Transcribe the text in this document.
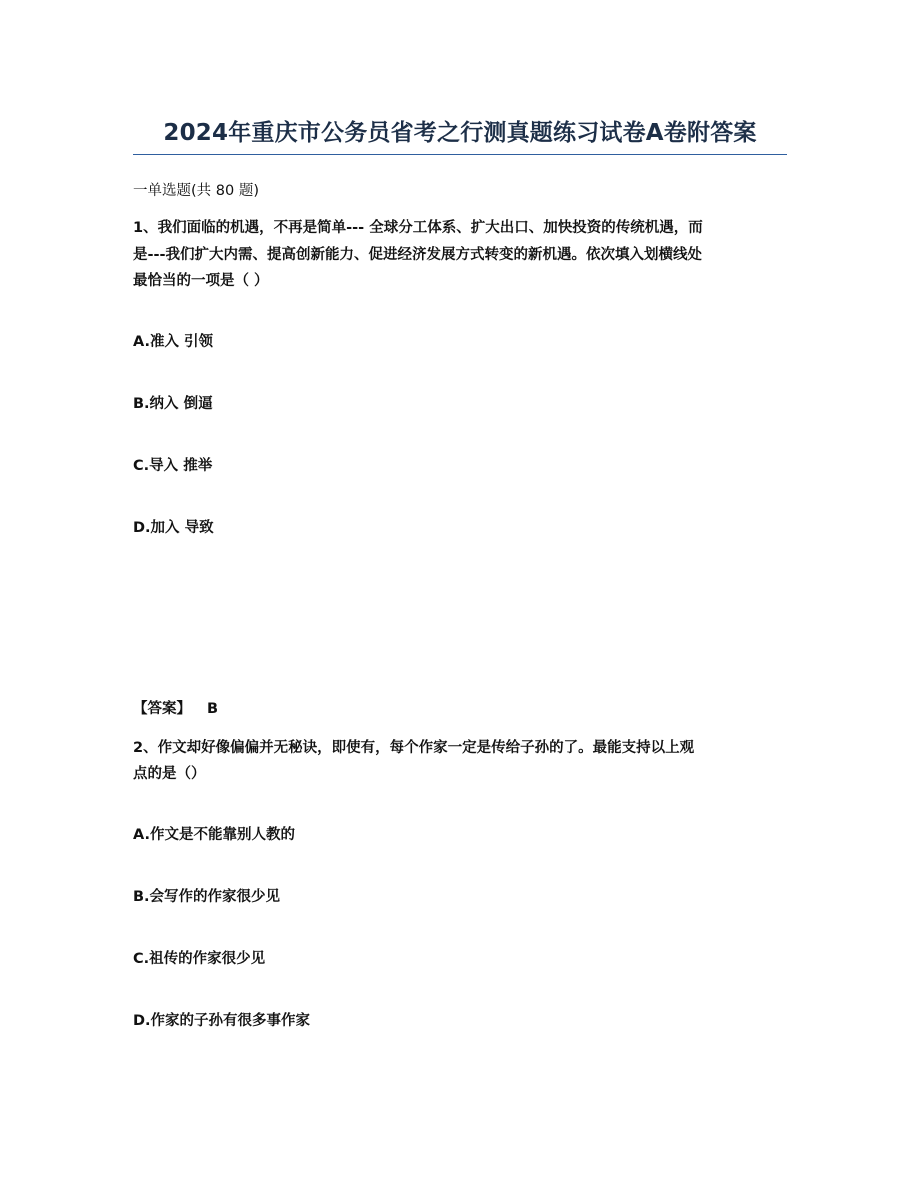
2024年重庆市公务员省考之行测真题练习试卷A卷附答案
一单选题(共 80 题)
1、我们面临的机遇，不再是简单--- 全球分工体系、扩大出口、加快投资的传统机遇，而
是---我们扩大内需、提高创新能力、促进经济发展方式转变的新机遇。依次填入划横线处
最恰当的一项是（ ）
A.准入 引领
B.纳入 倒逼
C.导入 推举
D.加入 导致
【答案】 B
2、作文却好像偏偏并无秘诀，即使有，每个作家一定是传给子孙的了。最能支持以上观
点的是（）
A.作文是不能靠别人教的
B.会写作的作家很少见
C.祖传的作家很少见
D.作家的子孙有很多事作家
